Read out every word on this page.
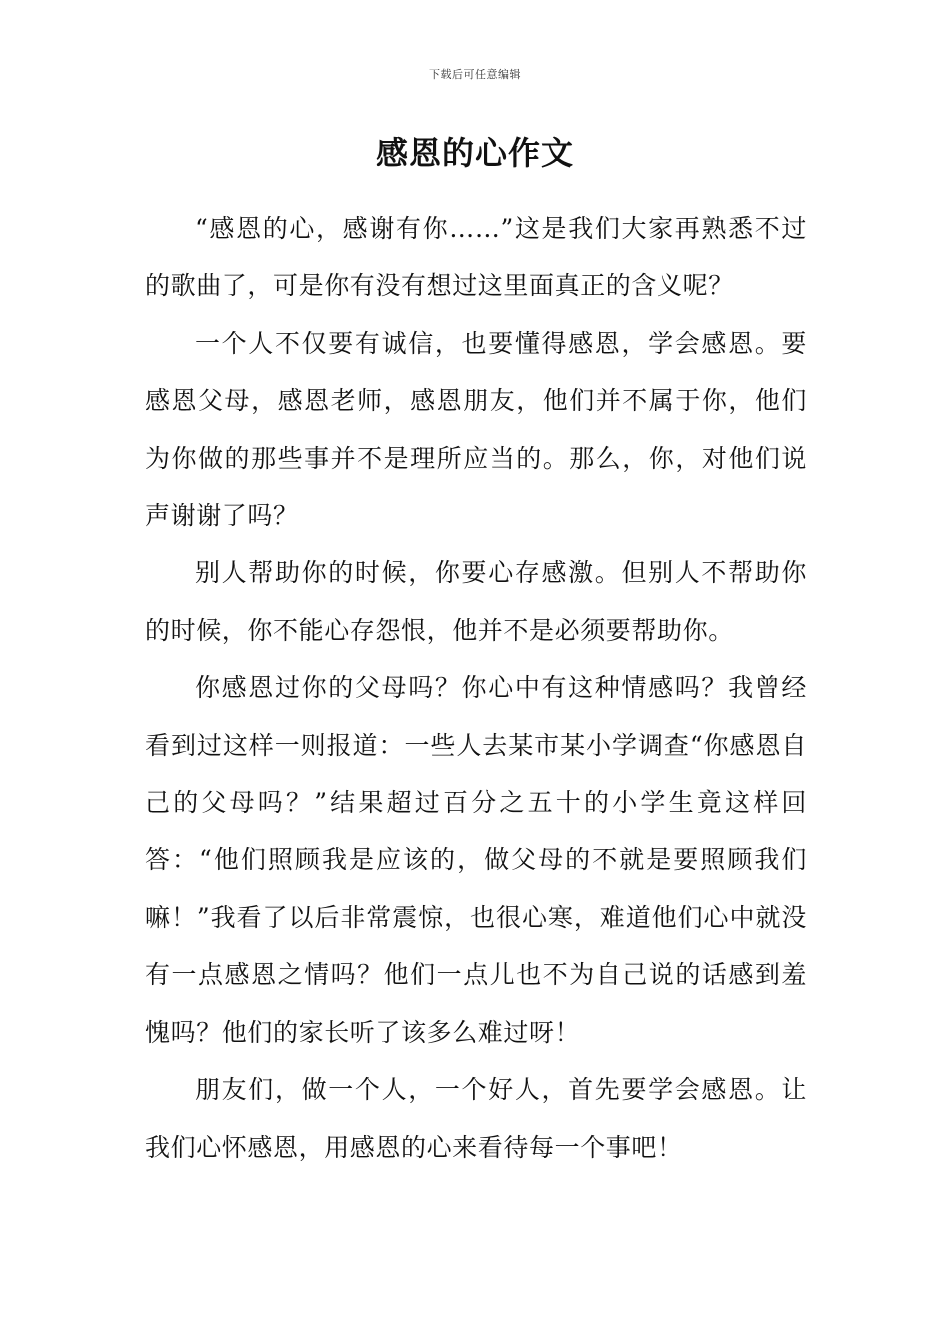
下载后可任意编辑
感恩的心作文

“感恩的心，感谢有你……”这是我们大家再熟悉不过的歌曲了，可是你有没有想过这里面真正的含义呢？

一个人不仅要有诚信，也要懂得感恩，学会感恩。要感恩父母，感恩老师，感恩朋友，他们并不属于你，他们为你做的那些事并不是理所应当的。那么，你，对他们说声谢谢了吗？

别人帮助你的时候，你要心存感激。但别人不帮助你的时候，你不能心存怨恨，他并不是必须要帮助你。

你感恩过你的父母吗？你心中有这种情感吗？我曾经看到过这样一则报道：一些人去某市某小学调查“你感恩自己的父母吗？”结果超过百分之五十的小学生竟这样回答：“他们照顾我是应该的，做父母的不就是要照顾我们嘛！”我看了以后非常震惊，也很心寒，难道他们心中就没有一点感恩之情吗？他们一点儿也不为自己说的话感到羞愧吗？他们的家长听了该多么难过呀！

朋友们，做一个人，一个好人，首先要学会感恩。让我们心怀感恩，用感恩的心来看待每一个事吧！
